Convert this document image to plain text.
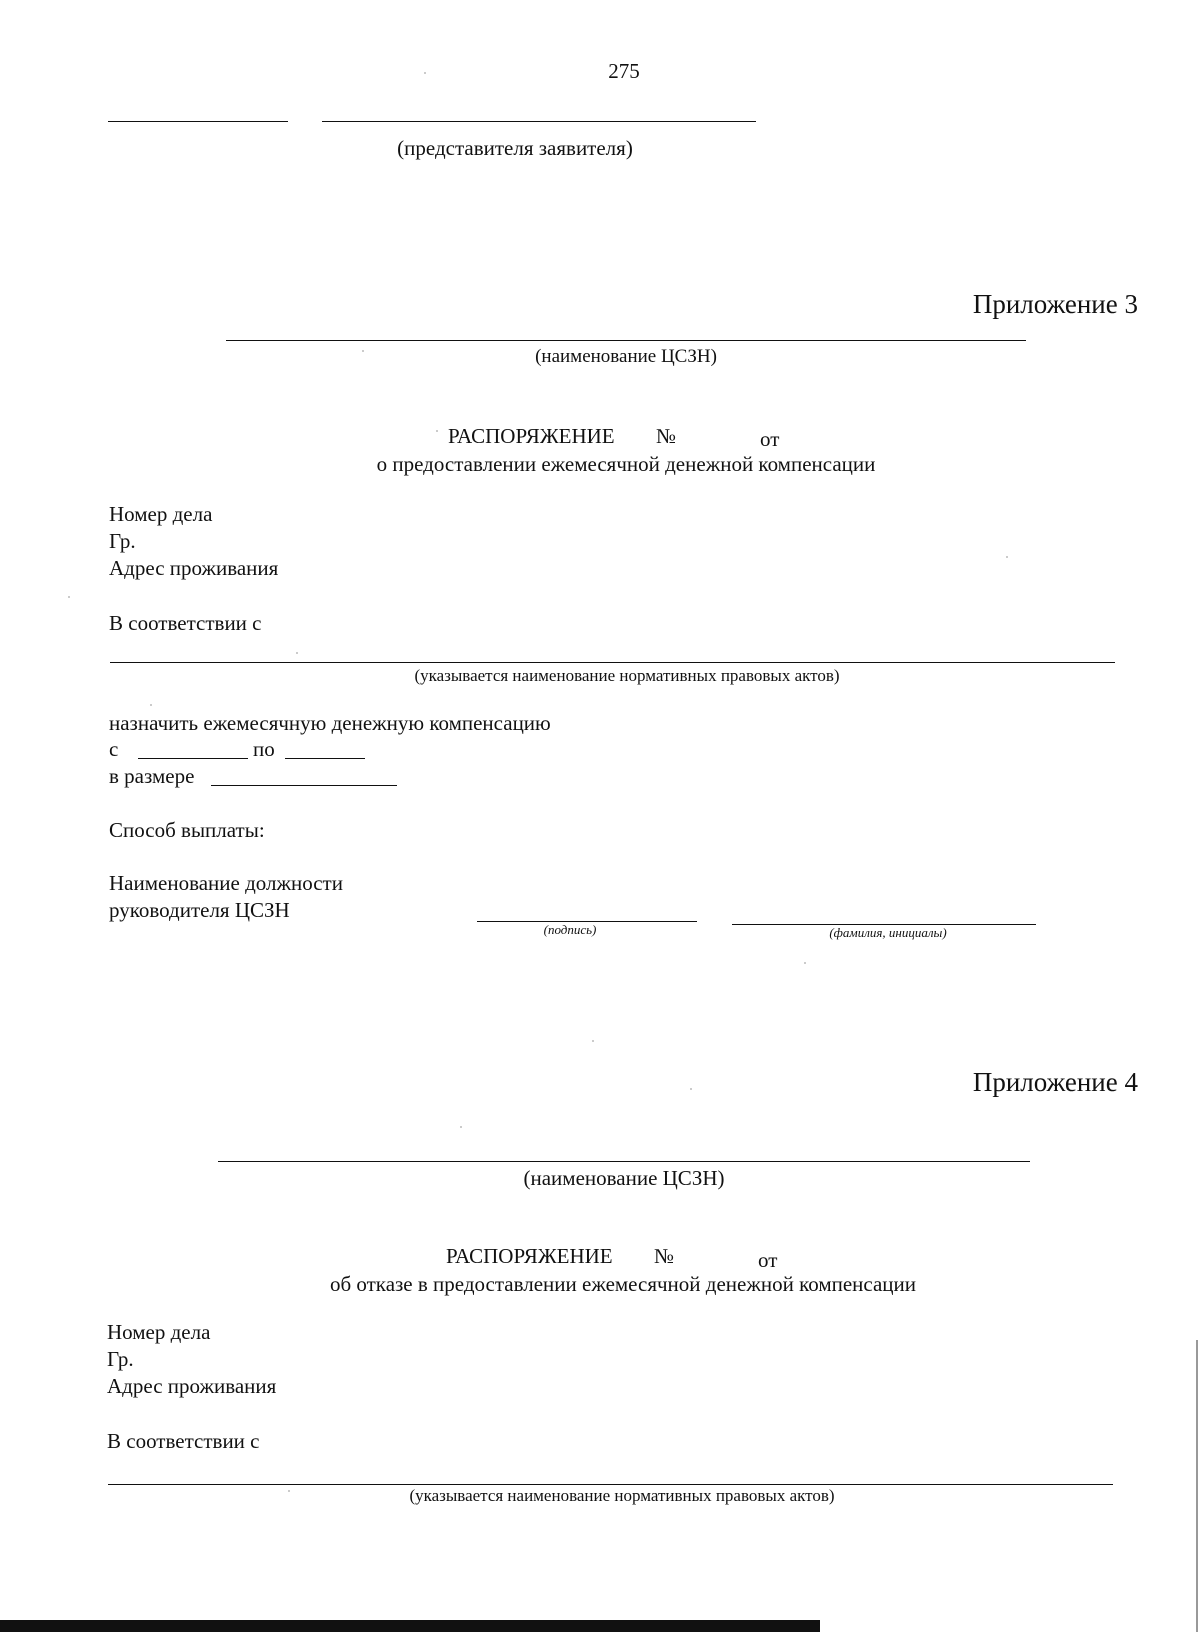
275
(представителя заявителя)
Приложение 3
(наименование ЦСЗН)
РАСПОРЯЖЕНИЕ №	от
о предоставлении ежемесячной денежной компенсации
Номер дела
Гр.
Адрес проживания
В соответствии с
(указывается наименование нормативных правовых актов)
назначить ежемесячную денежную компенсацию
с	по
в размере
Способ выплаты:
Наименование должности
руководителя ЦСЗН
(подпись)	(фамилия, инициалы)
Приложение 4
(наименование ЦСЗН)
РАСПОРЯЖЕНИЕ №	от
об отказе в предоставлении ежемесячной денежной компенсации
Номер дела
Гр.
Адрес проживания
В соответствии с
(указывается наименование нормативных правовых актов)
